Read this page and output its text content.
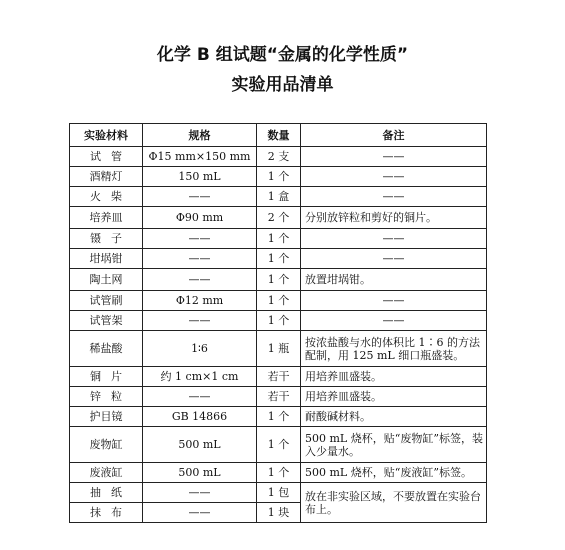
化学 B 组试题“金属的化学性质”
实验用品清单
实验材料	规格	数量	备注
试管	Φ15 mm×150 mm	2 支	——
酒精灯	150 mL	1 个	——
火柴	——	1 盒	——
培养皿	Φ90 mm	2 个	分别放锌粒和剪好的铜片。
镊子	——	1 个	——
坩埚钳	——	1 个	——
陶土网	——	1 个	放置坩埚钳。
试管刷	Φ12 mm	1 个	——
试管架	——	1 个	——
稀盐酸	1∶6	1 瓶	按浓盐酸与水的体积比 1∶6 的方法配制，用 125 mL 细口瓶盛装。
铜片	约 1 cm×1 cm	若干	用培养皿盛装。
锌粒	——	若干	用培养皿盛装。
护目镜	GB 14866	1 个	耐酸碱材料。
废物缸	500 mL	1 个	500 mL 烧杯，贴“废物缸”标签，装入少量水。
废液缸	500 mL	1 个	500 mL 烧杯，贴“废液缸”标签。
抽纸	——	1 包	放在非实验区域，不要放置在实验台布上。
抹布	——	1 块	
